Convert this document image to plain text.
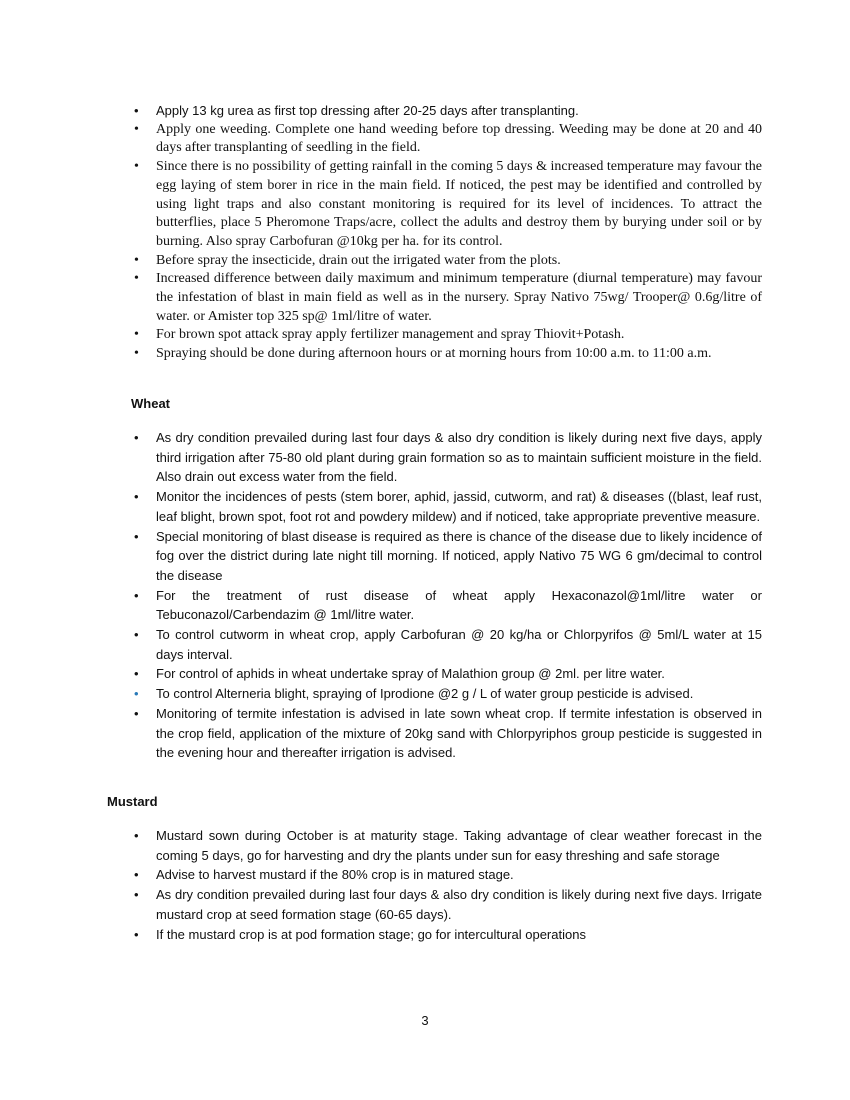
• Apply 13 kg urea as first top dressing after 20-25 days after transplanting.
• Apply one weeding. Complete one hand weeding before top dressing. Weeding may be done at 20 and 40 days after transplanting of seedling in the field.
• Since there is no possibility of getting rainfall in the coming 5 days & increased temperature may favour the egg laying of stem borer in rice in the main field. If noticed, the pest may be identified and controlled by using light traps and also constant monitoring is required for its level of incidences. To attract the butterflies, place 5 Pheromone Traps/acre, collect the adults and destroy them by burying under soil or by burning. Also spray Carbofuran @10kg per ha. for its control.
• Before spray the insecticide, drain out the irrigated water from the plots.
• Increased difference between daily maximum and minimum temperature (diurnal temperature) may favour the infestation of blast in main field as well as in the nursery. Spray Nativo 75wg/ Trooper@ 0.6g/litre of water. or Amister top 325 sp@ 1ml/litre of water.
• For brown spot attack spray apply fertilizer management and spray Thiovit+Potash.
• Spraying should be done during afternoon hours or at morning hours from 10:00 a.m. to 11:00 a.m.
Wheat
• As dry condition prevailed during last four days & also dry condition is likely during next five days, apply third irrigation after 75-80 old plant during grain formation so as to maintain sufficient moisture in the field. Also drain out excess water from the field.
• Monitor the incidences of pests (stem borer, aphid, jassid, cutworm, and rat) & diseases ((blast, leaf rust, leaf blight, brown spot, foot rot and powdery mildew) and if noticed, take appropriate preventive measure.
• Special monitoring of blast disease is required as there is chance of the disease due to likely incidence of fog over the district during late night till morning. If noticed, apply Nativo 75 WG 6 gm/decimal to control the disease
• For the treatment of rust disease of wheat apply Hexaconazol@1ml/litre water or Tebuconazol/Carbendazim @ 1ml/litre water.
• To control cutworm in wheat crop, apply Carbofuran @ 20 kg/ha or Chlorpyrifos @ 5ml/L water at 15 days interval.
• For control of aphids in wheat undertake spray of Malathion group @ 2ml. per litre water.
• To control Alterneria blight, spraying of Iprodione @2 g / L of water group pesticide is advised.
• Monitoring of termite infestation is advised in late sown wheat crop. If termite infestation is observed in the crop field, application of the mixture of 20kg sand with Chlorpyriphos group pesticide is suggested in the evening hour and thereafter irrigation is advised.
Mustard
• Mustard sown during October is at maturity stage. Taking advantage of clear weather forecast in the coming 5 days, go for harvesting and dry the plants under sun for easy threshing and safe storage
• Advise to harvest mustard if the 80% crop is in matured stage.
• As dry condition prevailed during last four days & also dry condition is likely during next five days. Irrigate mustard crop at seed formation stage (60-65 days).
• If the mustard crop is at pod formation stage; go for intercultural operations
3
